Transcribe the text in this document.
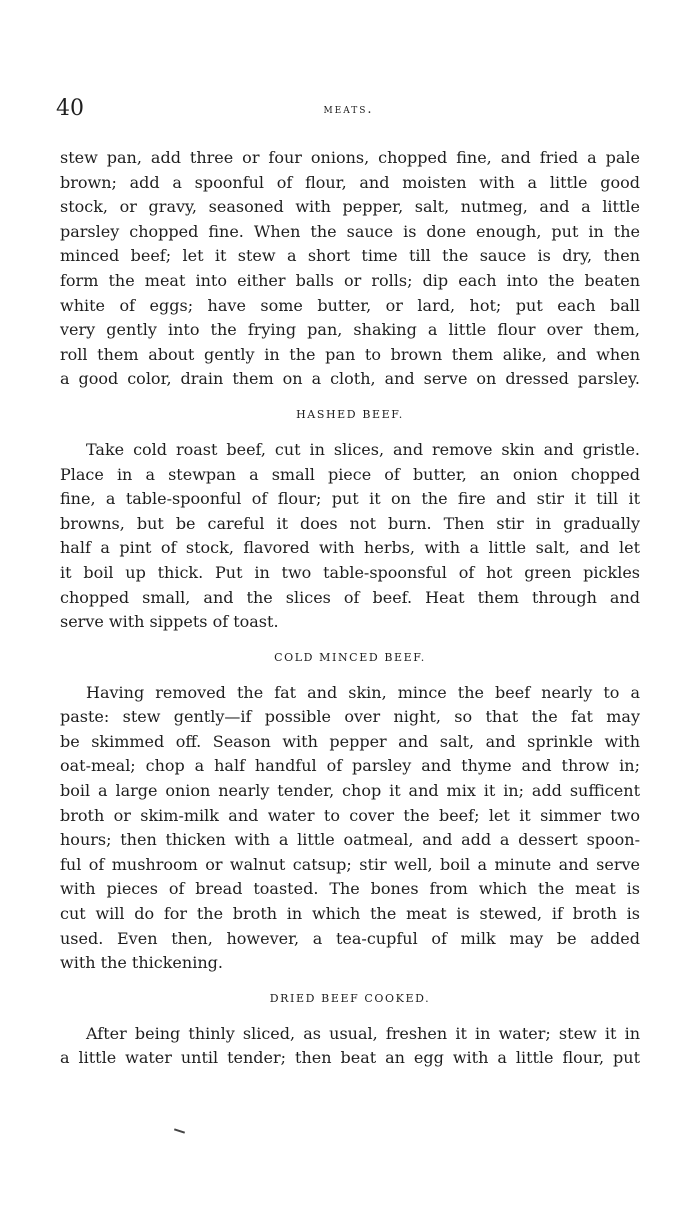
40	meats.
stew pan, add three or four onions, chopped fine, and fried a pale
brown; add a spoonful of flour, and moisten with a little good
stock, or gravy, seasoned with pepper, salt, nutmeg, and a little
parsley chopped fine. When the sauce is done enough, put in the
minced beef; let it stew a short time till the sauce is dry, then
form the meat into either balls or rolls; dip each into the beaten
white of eggs; have some butter, or lard, hot; put each ball
very gently into the frying pan, shaking a little flour over them,
roll them about gently in the pan to brown them alike, and when
a good color, drain them on a cloth, and serve on dressed parsley.

HASHED BEEF.

Take cold roast beef, cut in slices, and remove skin and gristle.
Place in a stewpan a small piece of butter, an onion chopped
fine, a table-spoonful of flour; put it on the fire and stir it till it
browns, but be careful it does not burn. Then stir in gradually
half a pint of stock, flavored with herbs, with a little salt, and let
it boil up thick. Put in two table-spoonsful of hot green pickles
chopped small, and the slices of beef. Heat them through and
serve with sippets of toast.

COLD MINCED BEEF.

Having removed the fat and skin, mince the beef nearly to a
paste: stew gently—if possible over night, so that the fat may
be skimmed off. Season with pepper and salt, and sprinkle with
oat-meal; chop a half handful of parsley and thyme and throw in;
boil a large onion nearly tender, chop it and mix it in; add sufficent
broth or skim-milk and water to cover the beef; let it simmer two
hours; then thicken with a little oatmeal, and add a dessert spoon-
ful of mushroom or walnut catsup; stir well, boil a minute and serve
with pieces of bread toasted. The bones from which the meat is
cut will do for the broth in which the meat is stewed, if broth is
used. Even then, however, a tea-cupful of milk may be added
with the thickening.

DRIED BEEF COOKED.

After being thinly sliced, as usual, freshen it in water; stew it in
a little water until tender; then beat an egg with a little flour, put
